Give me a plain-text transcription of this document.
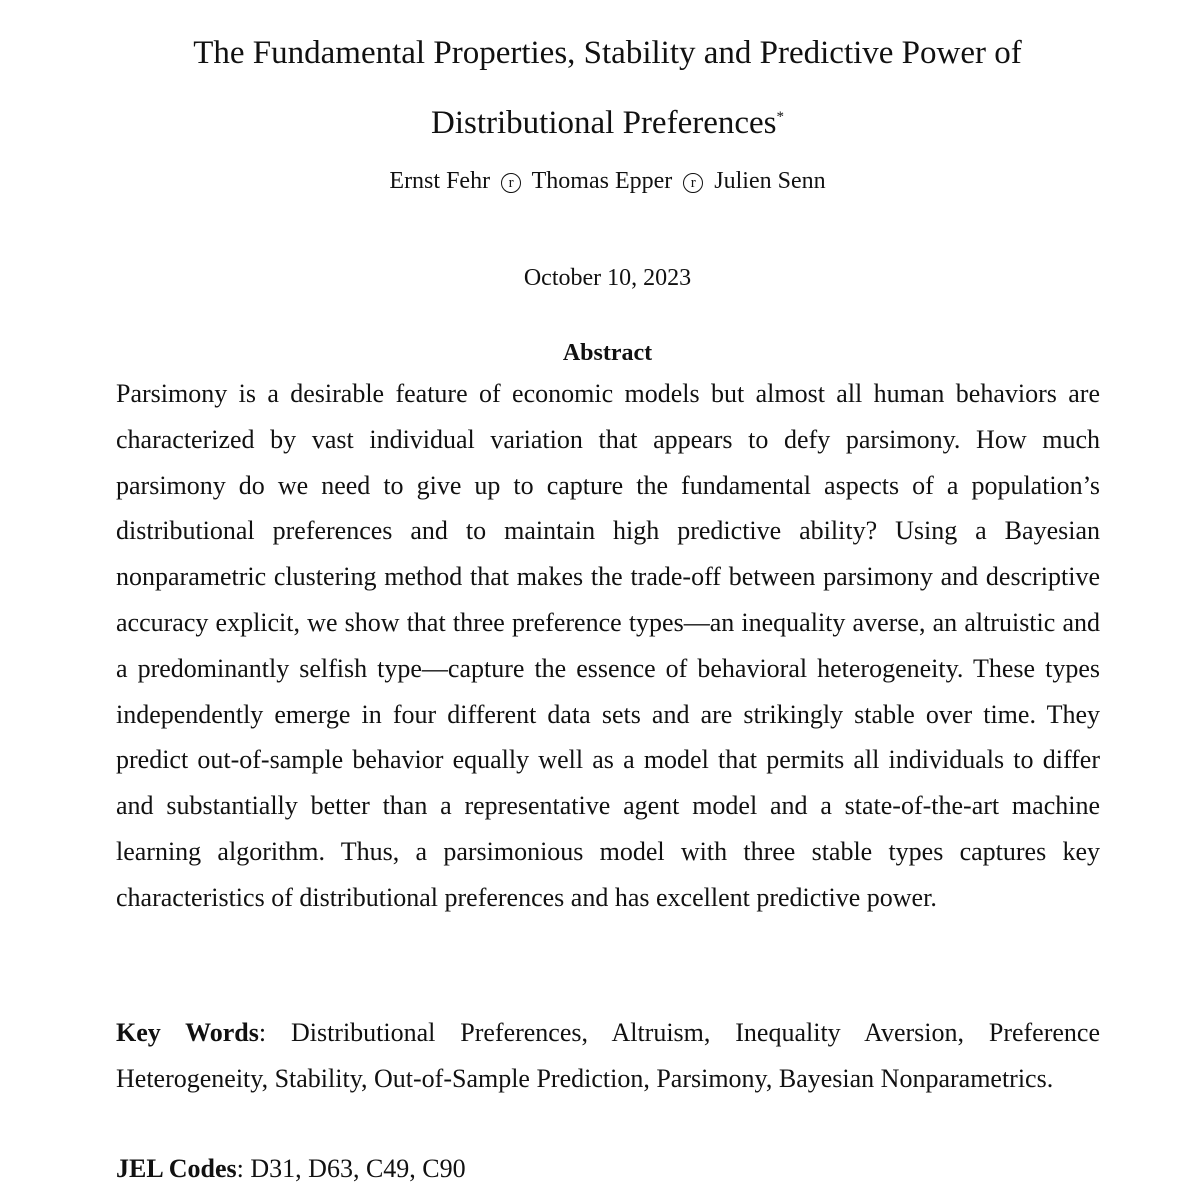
The Fundamental Properties, Stability and Predictive Power of
Distributional Preferences*
Ernst Fehr r Thomas Epper r Julien Senn
October 10, 2023
Abstract

Parsimony is a desirable feature of economic models but almost all human behaviors are characterized by vast individual variation that appears to defy parsimony. How much parsimony do we need to give up to capture the fundamental aspects of a population’s distributional preferences and to maintain high predictive ability? Using a Bayesian nonparametric clustering method that makes the trade-off between parsimony and descriptive accuracy explicit, we show that three preference types—an inequality averse, an altruistic and a predominantly selfish type—capture the essence of behavioral heterogeneity. These types independently emerge in four different data sets and are strikingly stable over time. They predict out-of-sample behavior equally well as a model that permits all individuals to differ and substantially better than a representative agent model and a state-of-the-art machine learning algorithm. Thus, a parsimonious model with three stable types captures key characteristics of distributional preferences and has excellent predictive power.

Key Words: Distributional Preferences, Altruism, Inequality Aversion, Preference Heterogeneity, Stability, Out-of-Sample Prediction, Parsimony, Bayesian Nonparametrics.

JEL Codes: D31, D63, C49, C90
